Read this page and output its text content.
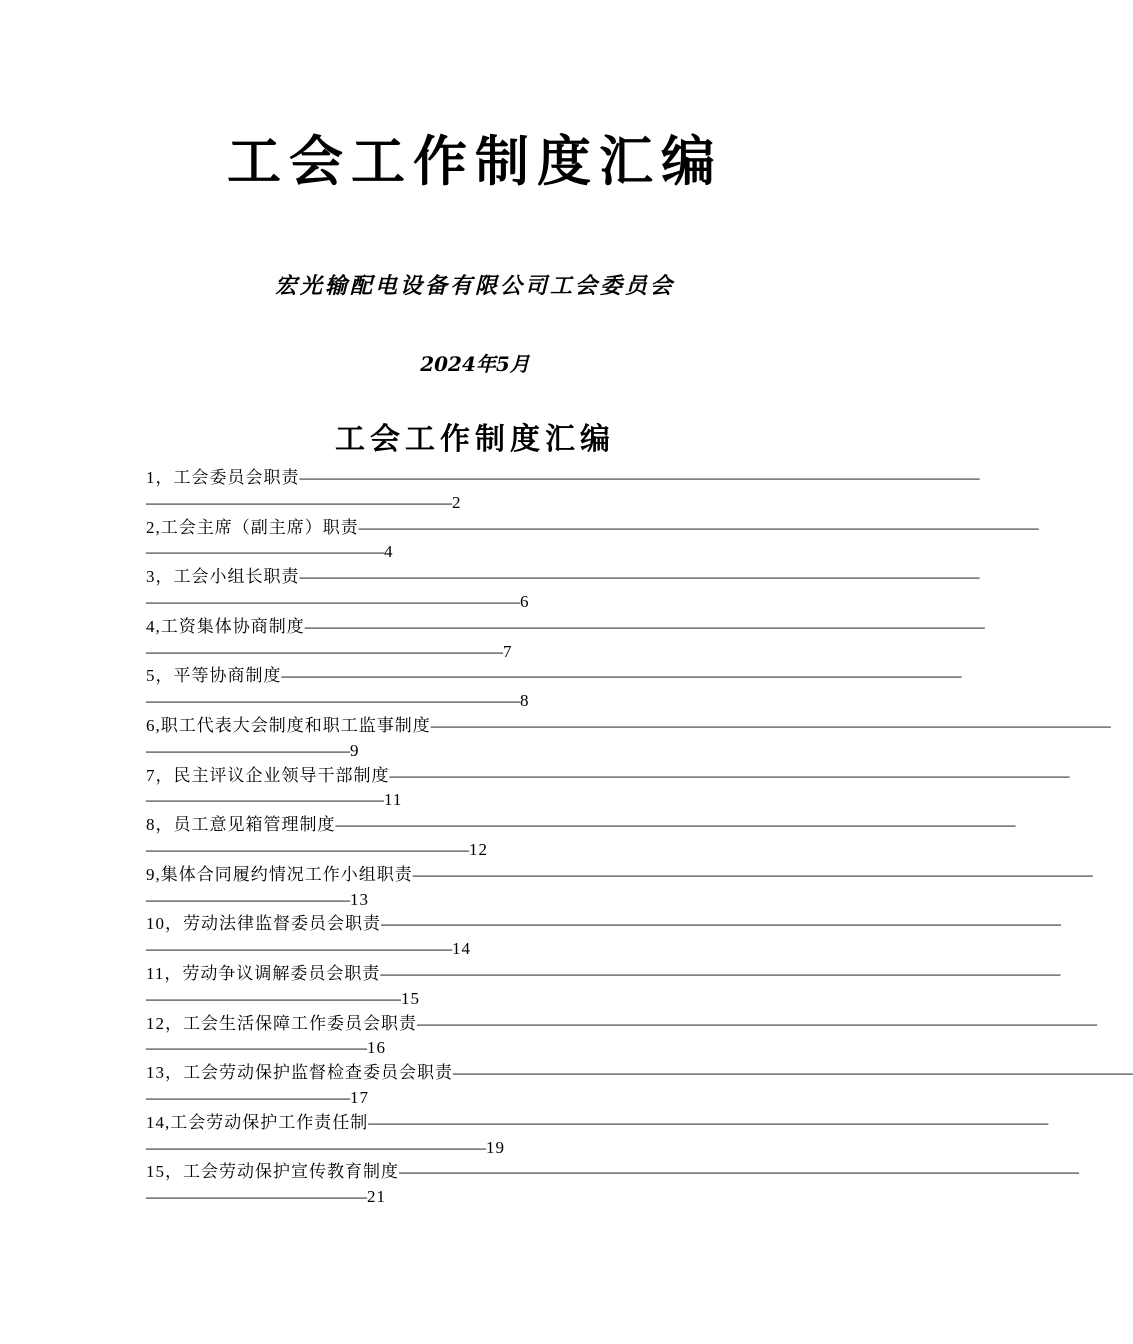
工会工作制度汇编
宏光输配电设备有限公司工会委员会
2024年5月
工会工作制度汇编
1，工会委员会职责 ————————————————————————————————————————
——————————————————2
2,工会主席（副主席）职责 ————————————————————————————————————————
——————————————4
3，工会小组长职责 ————————————————————————————————————————
——————————————————————6
4,工资集体协商制度 ————————————————————————————————————————
—————————————————————7
5，平等协商制度 ————————————————————————————————————————
——————————————————————8
6,职工代表大会制度和职工监事制度 ————————————————————————————————————————
————————————9
7，民主评议企业领导干部制度 ————————————————————————————————————————
——————————————11
8，员工意见箱管理制度 ————————————————————————————————————————
———————————————————12
9,集体合同履约情况工作小组职责 ————————————————————————————————————————
————————————13
10，劳动法律监督委员会职责 ————————————————————————————————————————
——————————————————14
11，劳动争议调解委员会职责 ————————————————————————————————————————
———————————————15
12，工会生活保障工作委员会职责 ————————————————————————————————————————
—————————————16
13，工会劳动保护监督检查委员会职责 ————————————————————————————————————————
————————————17
14,工会劳动保护工作责任制 ————————————————————————————————————————
————————————————————19
15，工会劳动保护宣传教育制度 ————————————————————————————————————————
—————————————21
